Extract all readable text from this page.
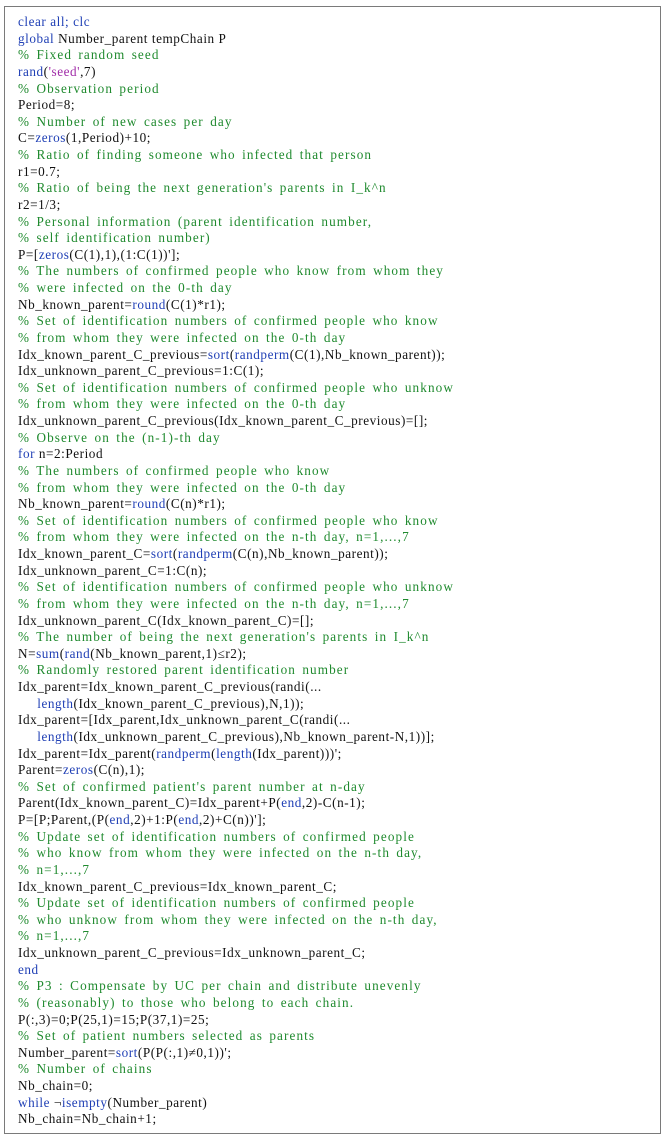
clear all; clc
global Number_parent tempChain P
% Fixed random seed
rand('seed',7)
% Observation period
Period=8;
% Number of new cases per day
C=zeros(1,Period)+10;
% Ratio of finding someone who infected that person
r1=0.7;
% Ratio of being the next generation's parents in I_k^n
r2=1/3;
% Personal information (parent identification number,
% self identification number)
P=[zeros(C(1),1),(1:C(1))'];
% The numbers of confirmed people who know from whom they
% were infected on the 0-th day
Nb_known_parent=round(C(1)*r1);
% Set of identification numbers of confirmed people who know
% from whom they were infected on the 0-th day
Idx_known_parent_C_previous=sort(randperm(C(1),Nb_known_parent));
Idx_unknown_parent_C_previous=1:C(1);
% Set of identification numbers of confirmed people who unknow
% from whom they were infected on the 0-th day
Idx_unknown_parent_C_previous(Idx_known_parent_C_previous)=[];
% Observe on the (n-1)-th day
for n=2:Period
% The numbers of confirmed people who know
% from whom they were infected on the 0-th day
Nb_known_parent=round(C(n)*r1);
% Set of identification numbers of confirmed people who know
% from whom they were infected on the n-th day, n=1,...,7
Idx_known_parent_C=sort(randperm(C(n),Nb_known_parent));
Idx_unknown_parent_C=1:C(n);
% Set of identification numbers of confirmed people who unknow
% from whom they were infected on the n-th day, n=1,...,7
Idx_unknown_parent_C(Idx_known_parent_C)=[];
% The number of being the next generation's parents in I_k^n
N=sum(rand(Nb_known_parent,1)≤r2);
% Randomly restored parent identification number
Idx_parent=Idx_known_parent_C_previous(randi(...
length(Idx_known_parent_C_previous),N,1));
Idx_parent=[Idx_parent,Idx_unknown_parent_C(randi(...
length(Idx_unknown_parent_C_previous),Nb_known_parent-N,1))];
Idx_parent=Idx_parent(randperm(length(Idx_parent)))';
Parent=zeros(C(n),1);
% Set of confirmed patient's parent number at n-day
Parent(Idx_known_parent_C)=Idx_parent+P(end,2)-C(n-1);
P=[P;Parent,(P(end,2)+1:P(end,2)+C(n))'];
% Update set of identification numbers of confirmed people
% who know from whom they were infected on the n-th day,
% n=1,...,7
Idx_known_parent_C_previous=Idx_known_parent_C;
% Update set of identification numbers of confirmed people
% who unknow from whom they were infected on the n-th day,
% n=1,...,7
Idx_unknown_parent_C_previous=Idx_unknown_parent_C;
end
% P3 : Compensate by UC per chain and distribute unevenly
% (reasonably) to those who belong to each chain.
P(:,3)=0;P(25,1)=15;P(37,1)=25;
% Set of patient numbers selected as parents
Number_parent=sort(P(P(:,1)≠0,1))';
% Number of chains
Nb_chain=0;
while ¬isempty(Number_parent)
Nb_chain=Nb_chain+1;
